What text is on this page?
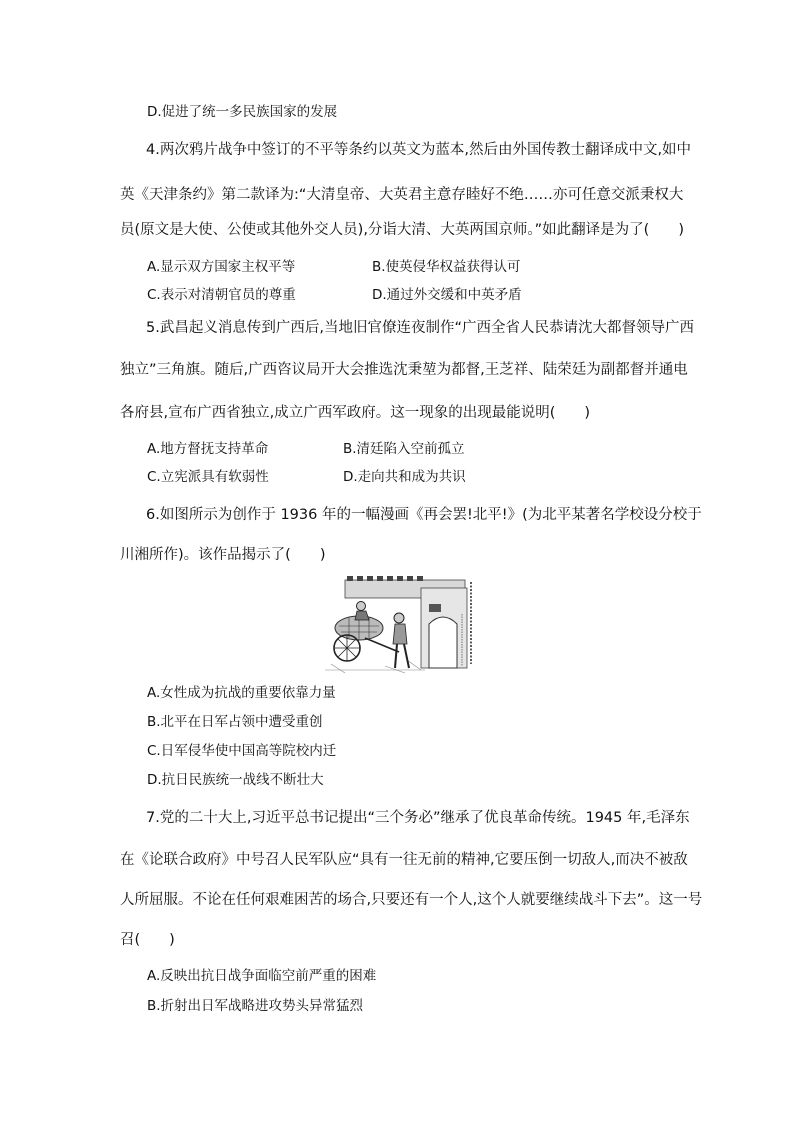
D.促进了统一多民族国家的发展
4.两次鸦片战争中签订的不平等条约以英文为蓝本,然后由外国传教士翻译成中文,如中
英《天津条约》第二款译为:“大清皇帝、大英君主意存睦好不绝……亦可任意交派秉权大
员(原文是大使、公使或其他外交人员),分诣大清、大英两国京师。”如此翻译是为了(　　)
A.显示双方国家主权平等	B.使英侵华权益获得认可
C.表示对清朝官员的尊重	D.通过外交缓和中英矛盾
5.武昌起义消息传到广西后,当地旧官僚连夜制作“广西全省人民恭请沈大都督领导广西
独立”三角旗。随后,广西咨议局开大会推选沈秉堃为都督,王芝祥、陆荣廷为副都督并通电
各府县,宣布广西省独立,成立广西军政府。这一现象的出现最能说明(　　)
A.地方督抚支持革命	B.清廷陷入空前孤立
C.立宪派具有软弱性	D.走向共和成为共识
6.如图所示为创作于 1936 年的一幅漫画《再会罢!北平!》(为北平某著名学校设分校于
川湘所作)。该作品揭示了(　　)
A.女性成为抗战的重要依靠力量
B.北平在日军占领中遭受重创
C.日军侵华使中国高等院校内迁
D.抗日民族统一战线不断壮大
7.党的二十大上,习近平总书记提出“三个务必”继承了优良革命传统。1945 年,毛泽东
在《论联合政府》中号召人民军队应“具有一往无前的精神,它要压倒一切敌人,而决不被敌
人所屈服。不论在任何艰难困苦的场合,只要还有一个人,这个人就要继续战斗下去”。这一号
召(　　)
A.反映出抗日战争面临空前严重的困难
B.折射出日军战略进攻势头异常猛烈
